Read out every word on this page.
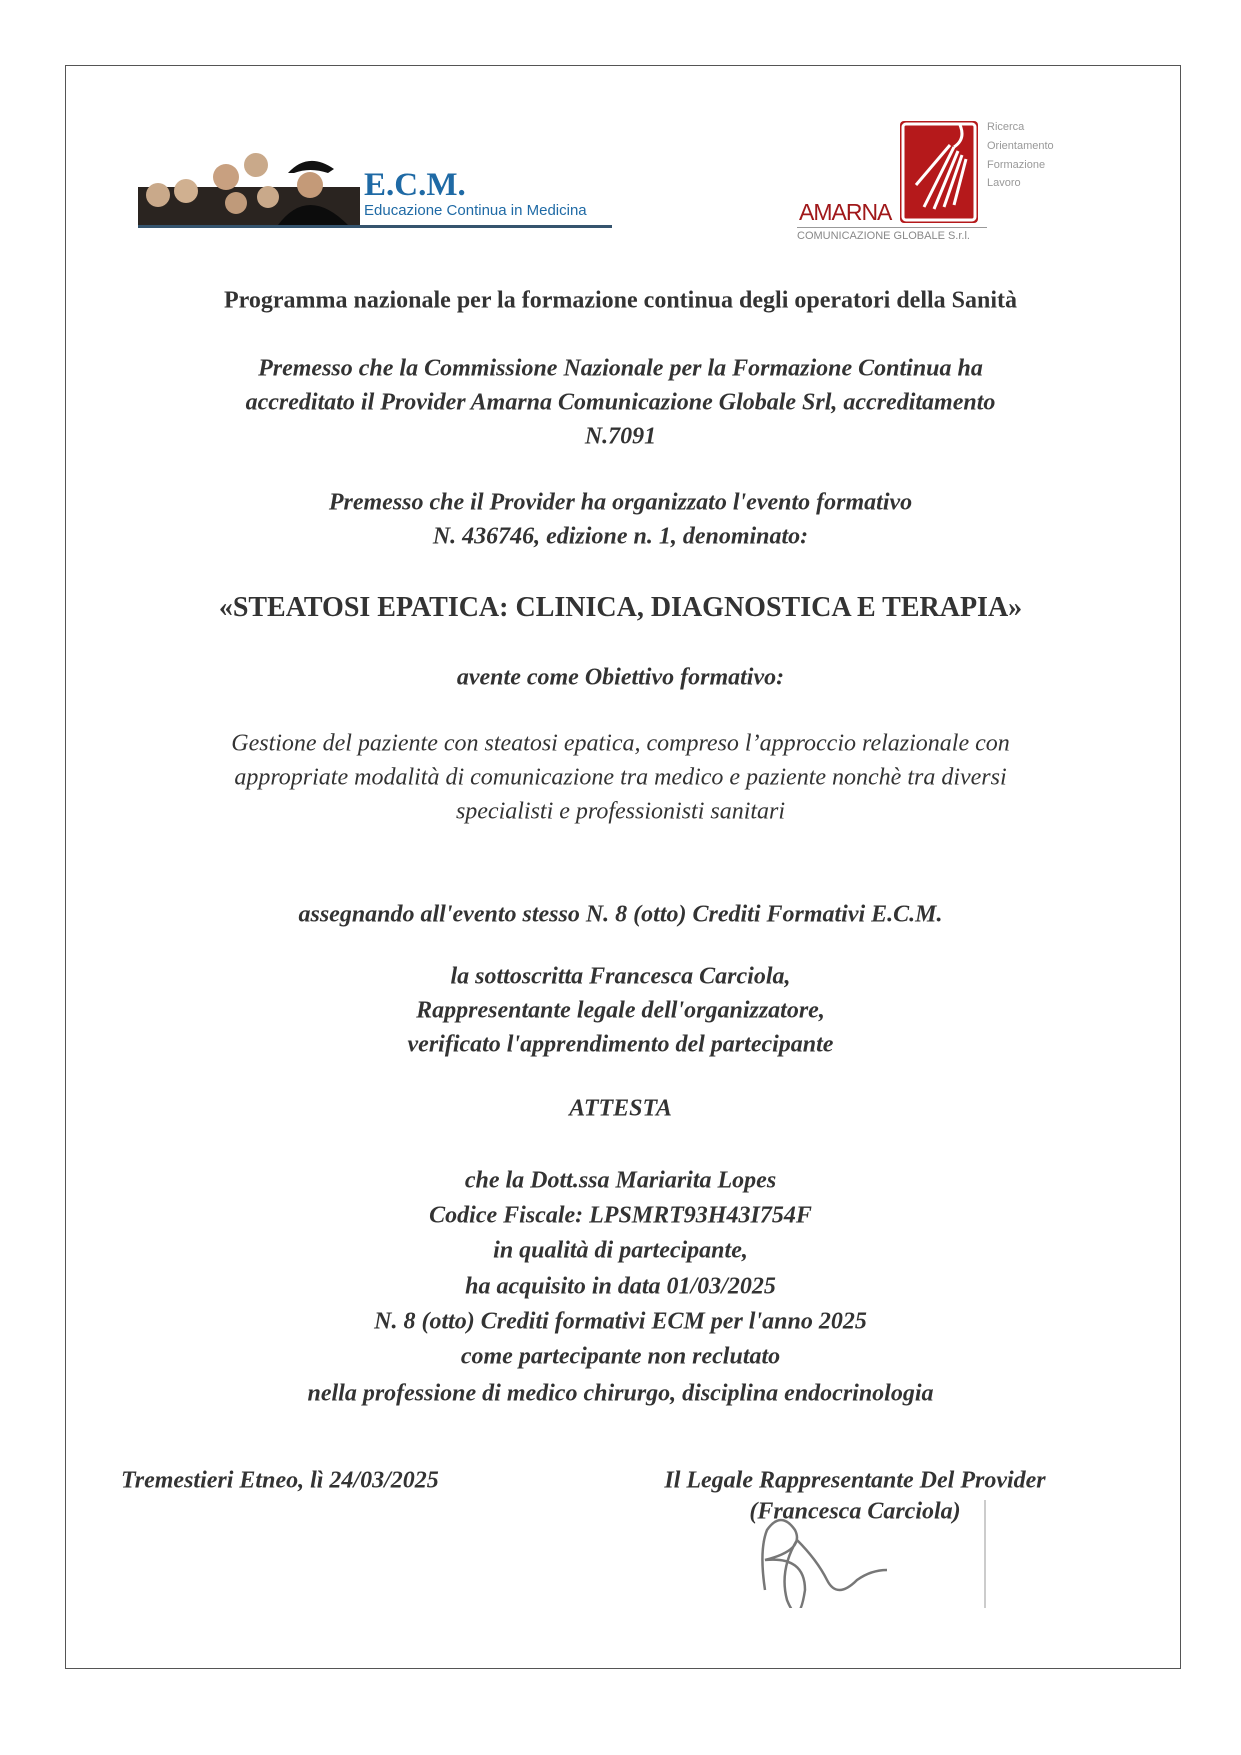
E.C.M.
Educazione Continua in Medicina	AMARNA
COMUNICAZIONE GLOBALE S.r.l.
Ricerca
Orientamento
Formazione
Lavoro
Programma nazionale per la formazione continua degli operatori della Sanità
Premesso che la Commissione Nazionale per la Formazione Continua ha
accreditato il Provider Amarna Comunicazione Globale Srl, accreditamento
N.7091
Premesso che il Provider ha organizzato l'evento formativo
N. 436746, edizione n. 1, denominato:
«STEATOSI EPATICA: CLINICA, DIAGNOSTICA E TERAPIA»
avente come Obiettivo formativo:
Gestione del paziente con steatosi epatica, compreso l’approccio relazionale con
appropriate modalità di comunicazione tra medico e paziente nonchè tra diversi
specialisti e professionisti sanitari
assegnando all'evento stesso N. 8 (otto) Crediti Formativi E.C.M.
la sottoscritta Francesca Carciola,
Rappresentante legale dell'organizzatore,
verificato l'apprendimento del partecipante
ATTESTA
che la Dott.ssa Mariarita Lopes
Codice Fiscale: LPSMRT93H43I754F
in qualità di partecipante,
ha acquisito in data 01/03/2025
N. 8 (otto) Crediti formativi ECM per l'anno 2025
come partecipante non reclutato
nella professione di medico chirurgo, disciplina endocrinologia
Tremestieri Etneo, lì 24/03/2025	Il Legale Rappresentante Del Provider
(Francesca Carciola)
